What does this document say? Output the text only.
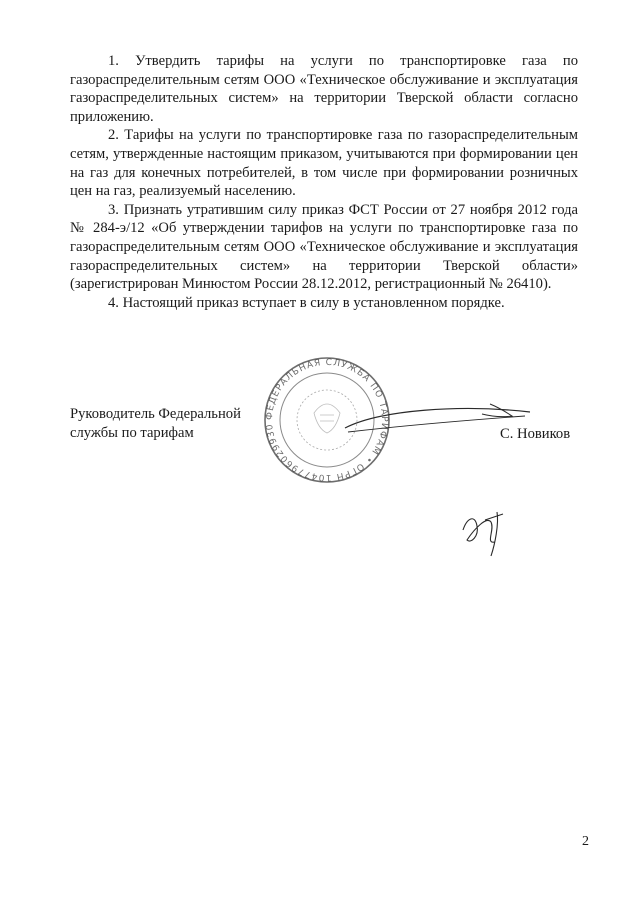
1. Утвердить тарифы на услуги по транспортировке газа по газораспределительным сетям ООО «Техническое обслуживание и эксплуатация газораспределительных систем» на территории Тверской области согласно приложению.

2. Тарифы на услуги по транспортировке газа по газораспределительным сетям, утвержденные настоящим приказом, учитываются при формировании цен на газ для конечных потребителей, в том числе при формировании розничных цен на газ, реализуемый населению.

3. Признать утратившим силу приказ ФСТ России от 27 ноября 2012 года № 284-э/12 «Об утверждении тарифов на услуги по транспортировке газа по газораспределительным сетям ООО «Техническое обслуживание и эксплуатация газораспределительных систем» на территории Тверской области» (зарегистрирован Минюстом России 28.12.2012, регистрационный № 26410).

4. Настоящий приказ вступает в силу в установленном порядке.

ФЕДЕРАЛЬНАЯ СЛУЖБА ПО ТАРИФАМ • ОГРН 1047796029930
Руководитель Федеральной
службы по тарифам	С. Новиков
2
